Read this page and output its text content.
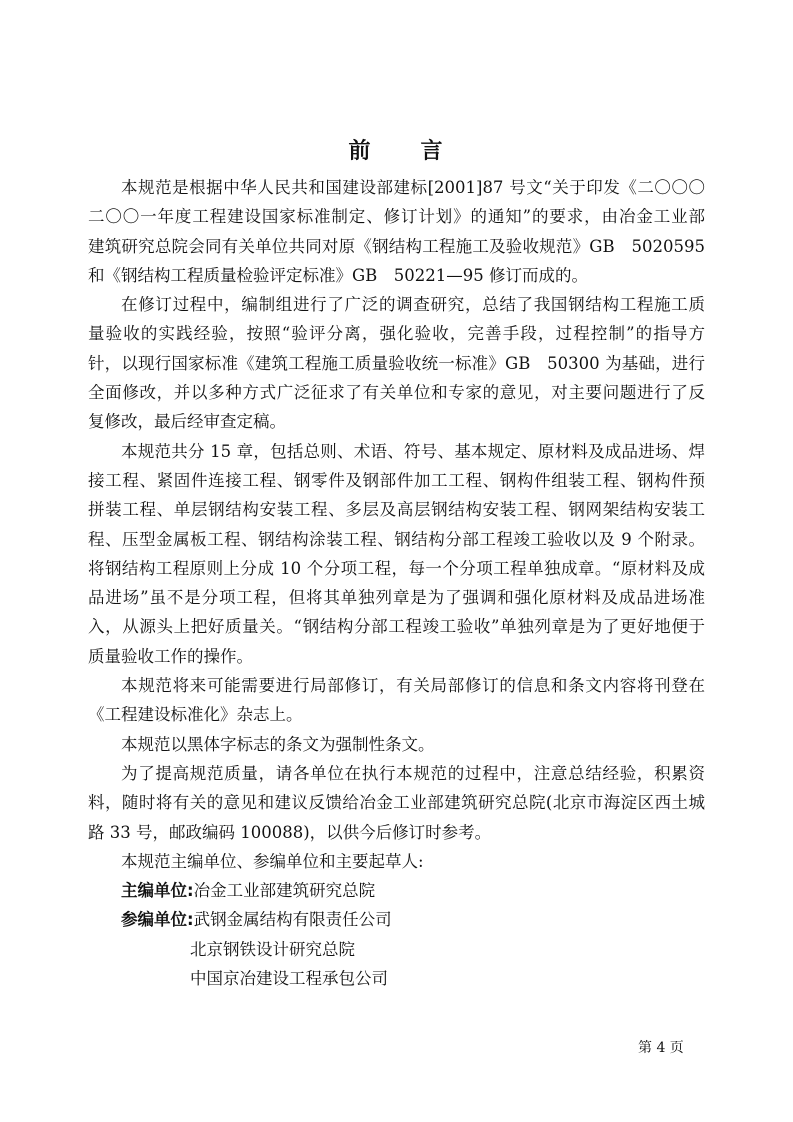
前 言
本规范是根据中华人民共和国建设部建标[2001]87 号文“关于印发《二〇〇〇
二〇〇一年度工程建设国家标准制定、修订计划》的通知”的要求，由冶金工业部
建筑研究总院会同有关单位共同对原《钢结构工程施工及验收规范》GB　5020595
和《钢结构工程质量检验评定标准》GB　50221—95 修订而成的。
在修订过程中，编制组进行了广泛的调查研究，总结了我国钢结构工程施工质
量验收的实践经验，按照“验评分离，强化验收，完善手段，过程控制”的指导方
针，以现行国家标准《建筑工程施工质量验收统一标准》GB　50300 为基础，进行
全面修改，并以多种方式广泛征求了有关单位和专家的意见，对主要问题进行了反
复修改，最后经审查定稿。
本规范共分 15 章，包括总则、术语、符号、基本规定、原材料及成品进场、焊
接工程、紧固件连接工程、钢零件及钢部件加工工程、钢构件组装工程、钢构件预
拼装工程、单层钢结构安装工程、多层及高层钢结构安装工程、钢网架结构安装工
程、压型金属板工程、钢结构涂装工程、钢结构分部工程竣工验收以及 9 个附录。
将钢结构工程原则上分成 10 个分项工程，每一个分项工程单独成章。“原材料及成
品进场”虽不是分项工程，但将其单独列章是为了强调和强化原材料及成品进场准
入，从源头上把好质量关。“钢结构分部工程竣工验收”单独列章是为了更好地便于
质量验收工作的操作。
本规范将来可能需要进行局部修订，有关局部修订的信息和条文内容将刊登在
《工程建设标准化》杂志上。
本规范以黑体字标志的条文为强制性条文。
为了提高规范质量，请各单位在执行本规范的过程中，注意总结经验，积累资
料，随时将有关的意见和建议反馈给冶金工业部建筑研究总院(北京市海淀区西土城
路 33 号，邮政编码 100088)，以供今后修订时参考。
本规范主编单位、参编单位和主要起草人:
主编单位:冶金工业部建筑研究总院
参编单位:武钢金属结构有限责任公司
北京钢铁设计研究总院
中国京冶建设工程承包公司
第 4 页
